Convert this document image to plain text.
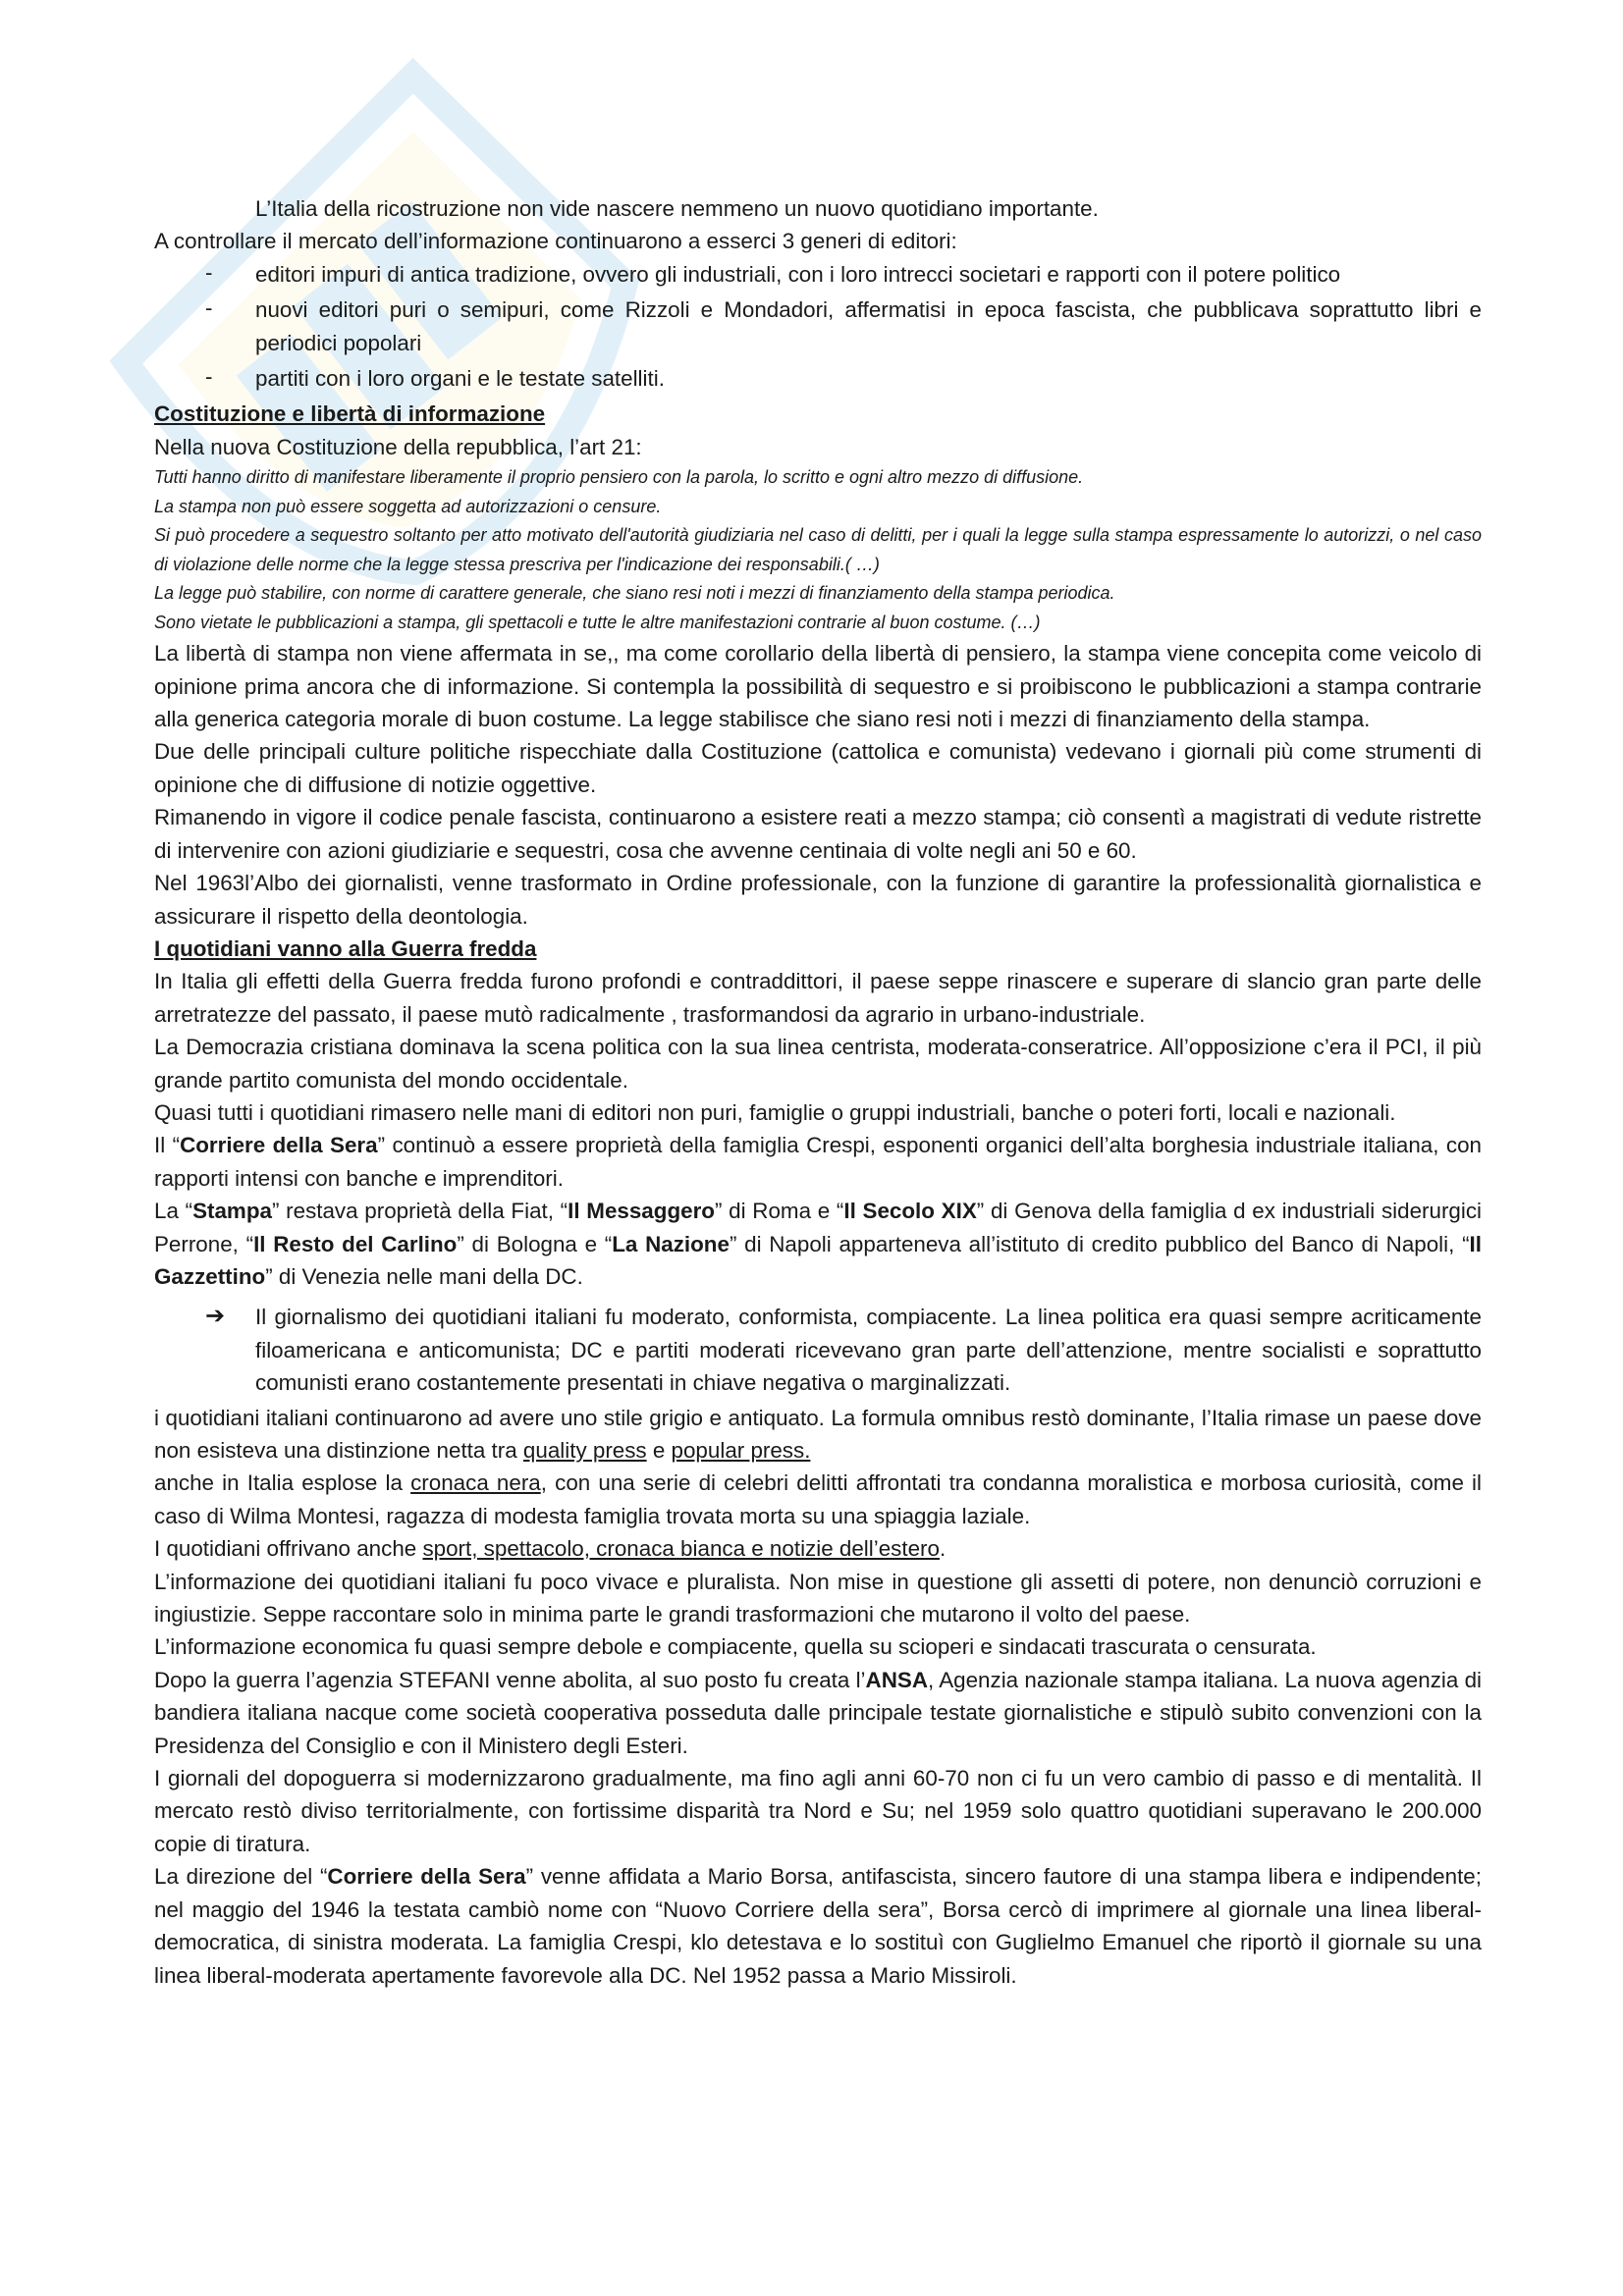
L’Italia della ricostruzione non vide nascere nemmeno un nuovo quotidiano importante.

A controllare il mercato dell’informazione continuarono a esserci 3 generi di editori:

- editori impuri di antica tradizione, ovvero gli industriali, con i loro intrecci societari e rapporti con il potere politico
- nuovi editori puri o semipuri, come Rizzoli e Mondadori, affermatisi in epoca fascista, che pubblicava soprattutto libri e periodici popolari
- partiti con i loro organi e le testate satelliti.

Costituzione e libertà di informazione

Nella nuova Costituzione della repubblica, l’art 21:

Tutti hanno diritto di manifestare liberamente il proprio pensiero con la parola, lo scritto e ogni altro mezzo di diffusione.

La stampa non può essere soggetta ad autorizzazioni o censure.

Si può procedere a sequestro soltanto per atto motivato dell'autorità giudiziaria nel caso di delitti, per i quali la legge sulla stampa espressamente lo autorizzi, o nel caso di violazione delle norme che la legge stessa prescriva per l'indicazione dei responsabili.( …)

La legge può stabilire, con norme di carattere generale, che siano resi noti i mezzi di finanziamento della stampa periodica.

Sono vietate le pubblicazioni a stampa, gli spettacoli e tutte le altre manifestazioni contrarie al buon costume. (…)

La libertà di stampa non viene affermata in se,, ma come corollario della libertà di pensiero, la stampa viene concepita come veicolo di opinione prima ancora che di informazione. Si contempla la possibilità di sequestro e si proibiscono le pubblicazioni a stampa contrarie alla generica categoria morale di buon costume. La legge stabilisce che siano resi noti i mezzi di finanziamento della stampa.

Due delle principali culture politiche rispecchiate dalla Costituzione (cattolica e comunista) vedevano i giornali più come strumenti di opinione che di diffusione di notizie oggettive.

Rimanendo in vigore il codice penale fascista, continuarono a esistere reati a mezzo stampa; ciò consentì a magistrati di vedute ristrette di intervenire con azioni giudiziarie e sequestri, cosa che avvenne centinaia di volte negli ani 50 e 60.

Nel 1963l’Albo dei giornalisti, venne trasformato in Ordine professionale, con la funzione di garantire la professionalità giornalistica e assicurare il rispetto della deontologia.

I quotidiani vanno alla Guerra fredda

In Italia gli effetti della Guerra fredda furono profondi e contraddittori, il paese seppe rinascere e superare di slancio gran parte delle arretratezze del passato, il paese mutò radicalmente , trasformandosi da agrario in urbano-industriale.

La Democrazia cristiana dominava la scena politica con la sua linea centrista, moderata-conseratrice. All’opposizione c’era il PCI, il più grande partito comunista del mondo occidentale.

Quasi tutti i quotidiani rimasero nelle mani di editori non puri, famiglie o gruppi industriali, banche o poteri forti, locali e nazionali.

Il “Corriere della Sera” continuò a essere proprietà della famiglia Crespi, esponenti organici dell’alta borghesia industriale italiana, con rapporti intensi con banche e imprenditori.

La “Stampa” restava proprietà della Fiat, “Il Messaggero” di Roma e “Il Secolo XIX” di Genova della famiglia d ex industriali siderurgici Perrone, “Il Resto del Carlino” di Bologna e “La Nazione” di Napoli apparteneva all’istituto di credito pubblico del Banco di Napoli, “Il Gazzettino” di Venezia nelle mani della DC.

➔ Il giornalismo dei quotidiani italiani fu moderato, conformista, compiacente. La linea politica era quasi sempre acriticamente filoamericana e anticomunista; DC e partiti moderati ricevevano gran parte dell’attenzione, mentre socialisti e soprattutto comunisti erano costantemente presentati in chiave negativa o marginalizzati.

i quotidiani italiani continuarono ad avere uno stile grigio e antiquato. La formula omnibus restò dominante, l’Italia rimase un paese dove non esisteva una distinzione netta tra quality press e popular press.

anche in Italia esplose la cronaca nera, con una serie di celebri delitti affrontati tra condanna moralistica e morbosa curiosità, come il caso di Wilma Montesi, ragazza di modesta famiglia trovata morta su una spiaggia laziale.

I quotidiani offrivano anche sport, spettacolo, cronaca bianca e notizie dell’estero.

L’informazione dei quotidiani italiani fu poco vivace e pluralista. Non mise in questione gli assetti di potere, non denunciò corruzioni e ingiustizie. Seppe raccontare solo in minima parte le grandi trasformazioni che mutarono il volto del paese.

L’informazione economica fu quasi sempre debole e compiacente, quella su scioperi e sindacati trascurata o censurata.

Dopo la guerra l’agenzia STEFANI venne abolita, al suo posto fu creata l’ANSA, Agenzia nazionale stampa italiana. La nuova agenzia di bandiera italiana nacque come società cooperativa posseduta dalle principale testate giornalistiche e stipulò subito convenzioni con la Presidenza del Consiglio e con il Ministero degli Esteri.

I giornali del dopoguerra si modernizzarono gradualmente, ma fino agli anni 60-70 non ci fu un vero cambio di passo e di mentalità. Il mercato restò diviso territorialmente, con fortissime disparità tra Nord e Su; nel 1959 solo quattro quotidiani superavano le 200.000 copie di tiratura.

La direzione del “Corriere della Sera” venne affidata a Mario Borsa, antifascista, sincero fautore di una stampa libera e indipendente; nel maggio del 1946 la testata cambiò nome con “Nuovo Corriere della sera”, Borsa cercò di imprimere al giornale una linea liberal-democratica, di sinistra moderata. La famiglia Crespi, klo detestava e lo sostituì con Guglielmo Emanuel che riportò il giornale su una linea liberal-moderata apertamente favorevole alla DC. Nel 1952 passa a Mario Missiroli.
